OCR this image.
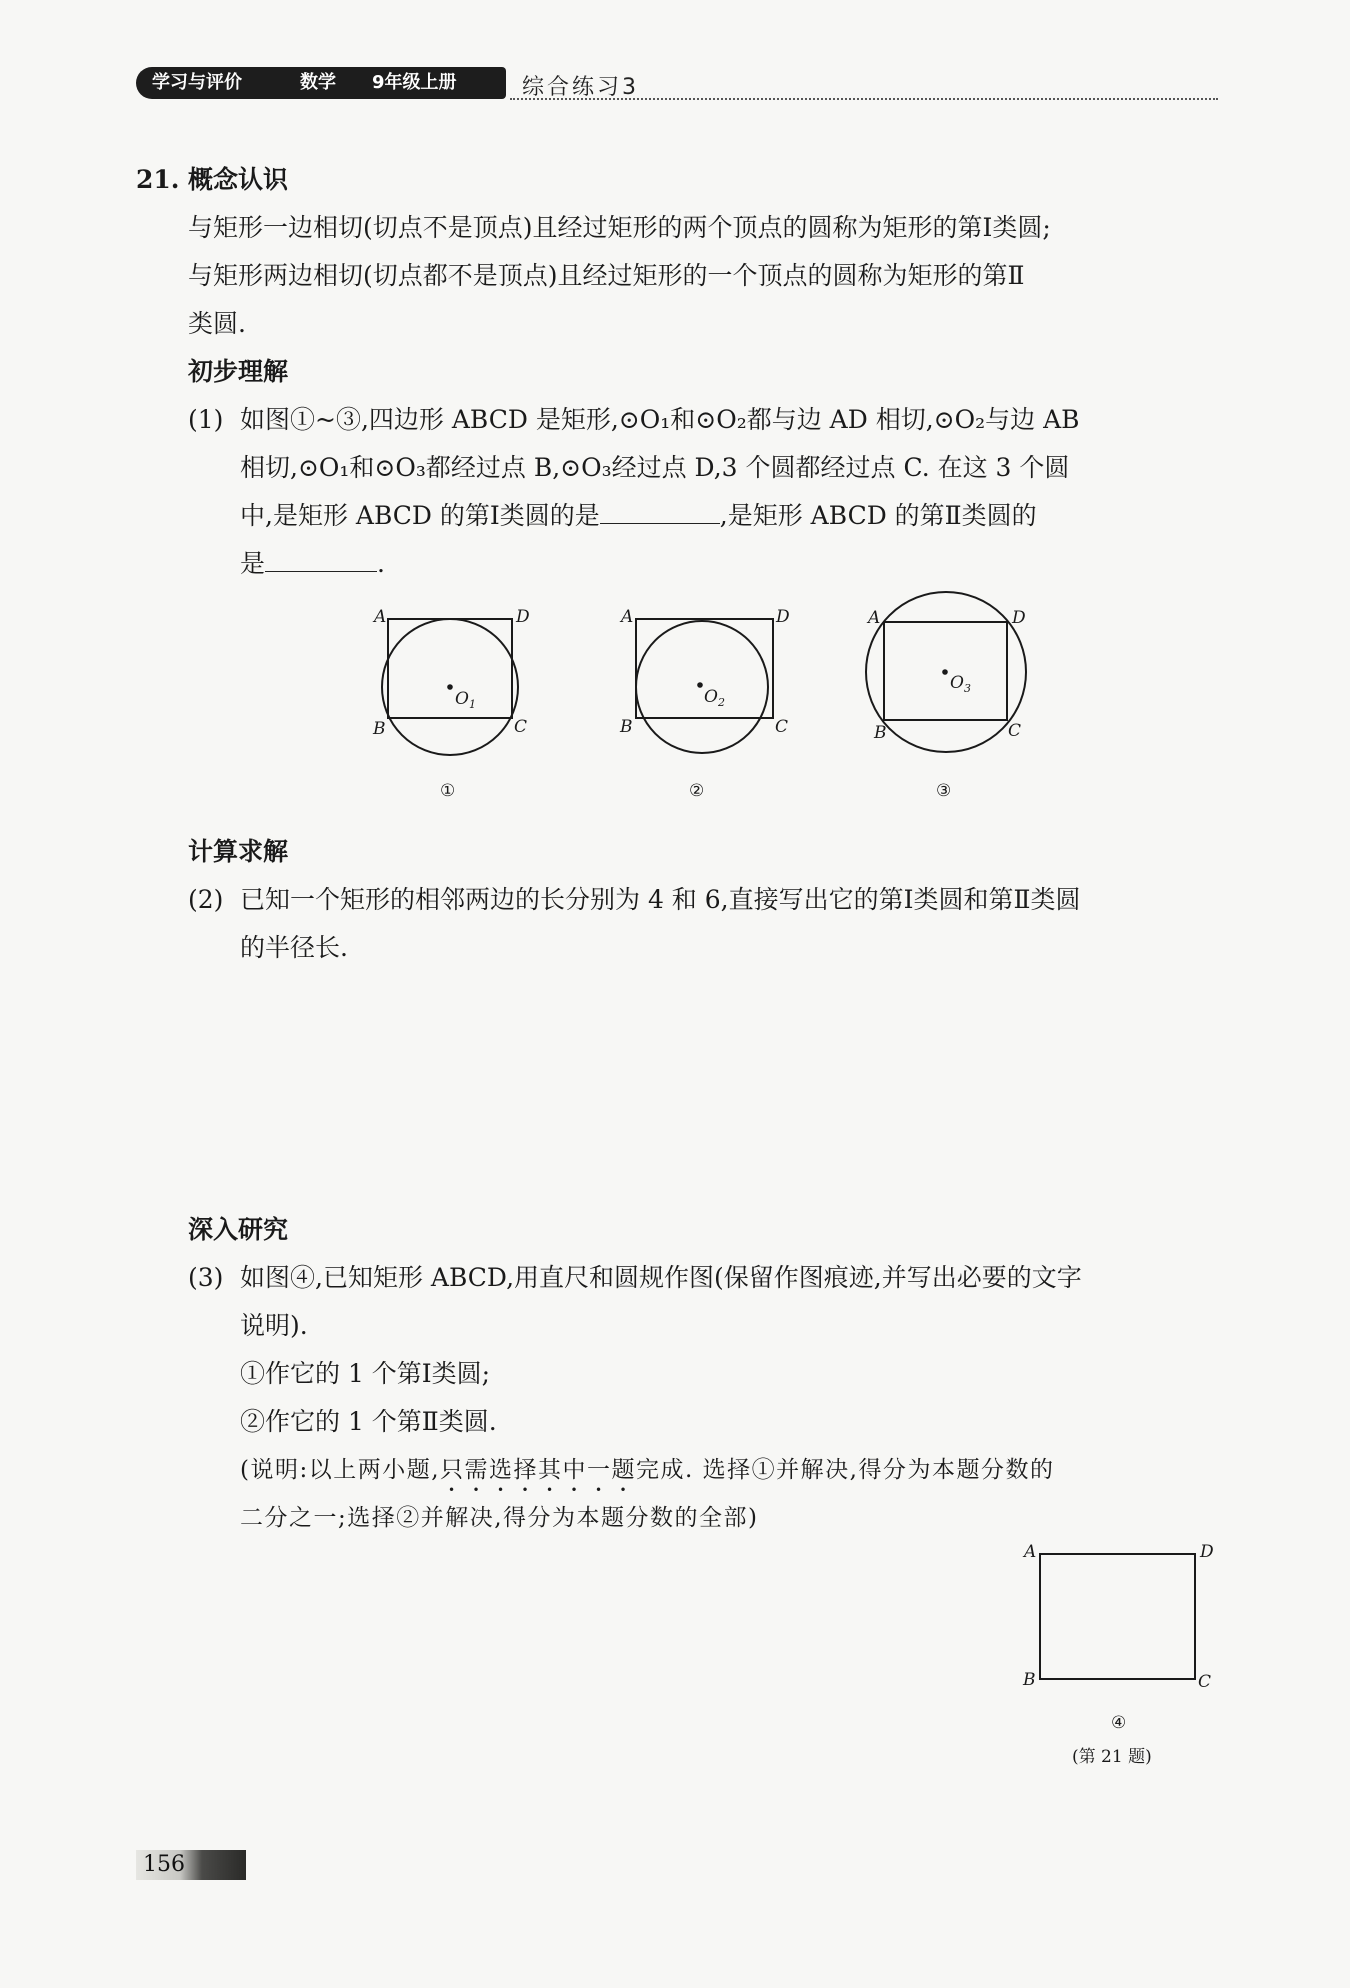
学习与评价	数学 9年级上册	综合练习3
21. 概念认识
与矩形一边相切(切点不是顶点)且经过矩形的两个顶点的圆称为矩形的第Ⅰ类圆;
与矩形两边相切(切点都不是顶点)且经过矩形的一个顶点的圆称为矩形的第Ⅱ
类圆.
初步理解
(1) 如图①~③,四边形 ABCD 是矩形,⊙O₁和⊙O₂都与边 AD 相切,⊙O₂与边 AB
相切,⊙O₁和⊙O₃都经过点 B,⊙O₃经过点 D,3 个圆都经过点 C. 在这 3 个圆
中,是矩形 ABCD 的第Ⅰ类圆的是	,是矩形 ABCD 的第Ⅱ类圆的
是	.
A	D
B	C
$O_1$
①
A	D
B	C
$O_2$
②
A	D
B	C
$O_3$
③
计算求解
(2) 已知一个矩形的相邻两边的长分别为 4 和 6,直接写出它的第Ⅰ类圆和第Ⅱ类圆
的半径长.
深入研究
(3) 如图④,已知矩形 ABCD,用直尺和圆规作图(保留作图痕迹,并写出必要的文字
说明).
①作它的 1 个第Ⅰ类圆;
②作它的 1 个第Ⅱ类圆.
(说明:以上两小题,只需选择其中一题完成. 选择①并解决,得分为本题分数的
二分之一;选择②并解决,得分为本题分数的全部)
A	D
B	C
④
(第 21 题)
156
